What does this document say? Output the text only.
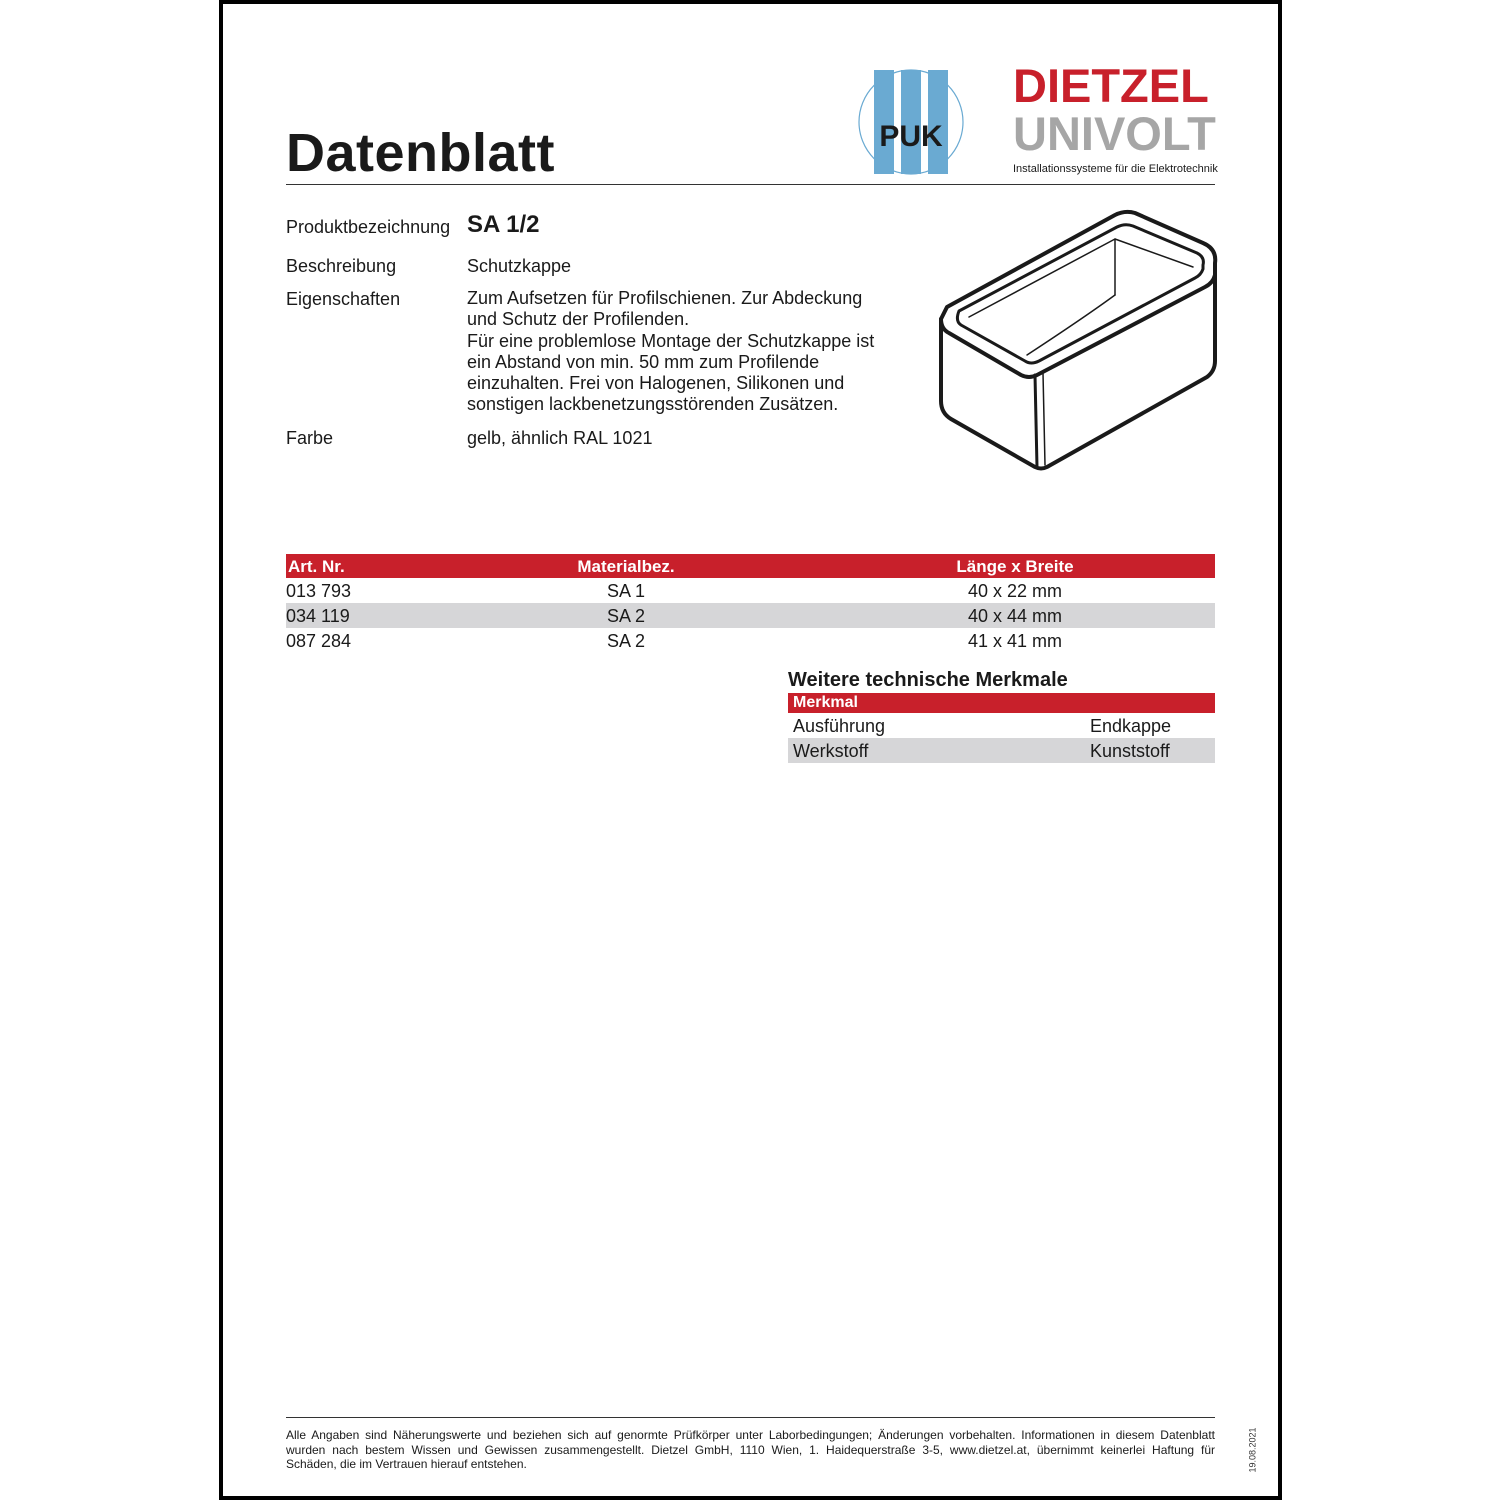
Datenblatt	PUK
DIETZEL
UNIVOLT
Installationssysteme für die Elektrotechnik
Produktbezeichnung SA 1/2
Beschreibung	Schutzkappe
Eigenschaften	Zum Aufsetzen für Profilschienen. Zur Abdeckung
und Schutz der Profilenden.
Für eine problemlose Montage der Schutzkappe ist
ein Abstand von min. 50 mm zum Profilende
einzuhalten. Frei von Halogenen, Silikonen und
sonstigen lackbenetzungsstörenden Zusätzen.
Farbe	gelb, ähnlich RAL 1021
Art. Nr.	Materialbez.	Länge x Breite
013 793	SA 1	40 x 22 mm
034 119	SA 2	40 x 44 mm
087 284	SA 2	41 x 41 mm
Weitere technische Merkmale
Merkmal
Ausführung	Endkappe
Werkstoff	Kunststoff
Alle Angaben sind Näherungswerte und beziehen sich auf genormte Prüfkörper unter Laborbedingungen; Änderungen vorbehalten. Informationen in diesem Datenblatt
wurden nach bestem Wissen und Gewissen zusammengestellt. Dietzel GmbH, 1110 Wien, 1. Haidequerstraße 3-5, www.dietzel.at, übernimmt keinerlei Haftung für
Schäden, die im Vertrauen hierauf entstehen.	19.08.2021
